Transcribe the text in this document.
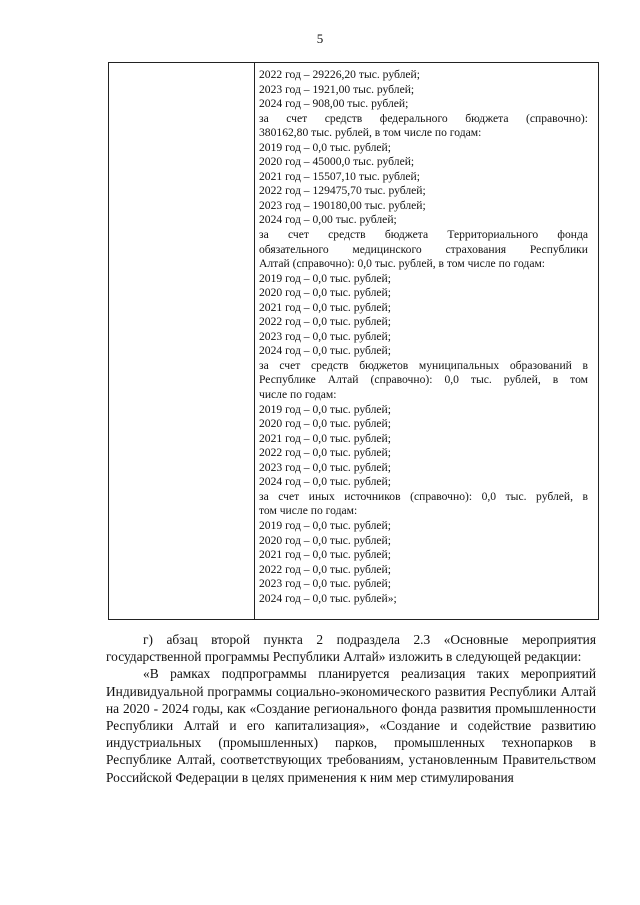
5
2022 год – 29226,20 тыс. рублей;
2023 год – 1921,00 тыс. рублей;
2024 год – 908,00 тыс. рублей;
за счет средств федерального бюджета (справочно):
380162,80 тыс. рублей, в том числе по годам:
2019 год – 0,0 тыс. рублей;
2020 год – 45000,0 тыс. рублей;
2021 год – 15507,10 тыс. рублей;
2022 год – 129475,70 тыс. рублей;
2023 год – 190180,00 тыс. рублей;
2024 год – 0,00 тыс. рублей;
за счет средств бюджета Территориального фонда
обязательного медицинского страхования Республики
Алтай (справочно): 0,0 тыс. рублей, в том числе по годам:
2019 год – 0,0 тыс. рублей;
2020 год – 0,0 тыс. рублей;
2021 год – 0,0 тыс. рублей;
2022 год – 0,0 тыс. рублей;
2023 год – 0,0 тыс. рублей;
2024 год – 0,0 тыс. рублей;
за счет средств бюджетов муниципальных образований в
Республике Алтай (справочно): 0,0 тыс. рублей, в том
числе по годам:
2019 год – 0,0 тыс. рублей;
2020 год – 0,0 тыс. рублей;
2021 год – 0,0 тыс. рублей;
2022 год – 0,0 тыс. рублей;
2023 год – 0,0 тыс. рублей;
2024 год – 0,0 тыс. рублей;
за счет иных источников (справочно): 0,0 тыс. рублей, в
том числе по годам:
2019 год – 0,0 тыс. рублей;
2020 год – 0,0 тыс. рублей;
2021 год – 0,0 тыс. рублей;
2022 год – 0,0 тыс. рублей;
2023 год – 0,0 тыс. рублей;
2024 год – 0,0 тыс. рублей»;

г) абзац второй пункта 2 подраздела 2.3 «Основные мероприятия государственной программы Республики Алтай» изложить в следующей редакции:

«В рамках подпрограммы планируется реализация таких мероприятий Индивидуальной программы социально-экономического развития Республики Алтай на 2020 - 2024 годы, как «Создание регионального фонда развития промышленности Республики Алтай и его капитализация», «Создание и содействие развитию индустриальных (промышленных) парков, промышленных технопарков в Республике Алтай, соответствующих требованиям, установленным Правительством Российской Федерации в целях применения к ним мер стимулирования
